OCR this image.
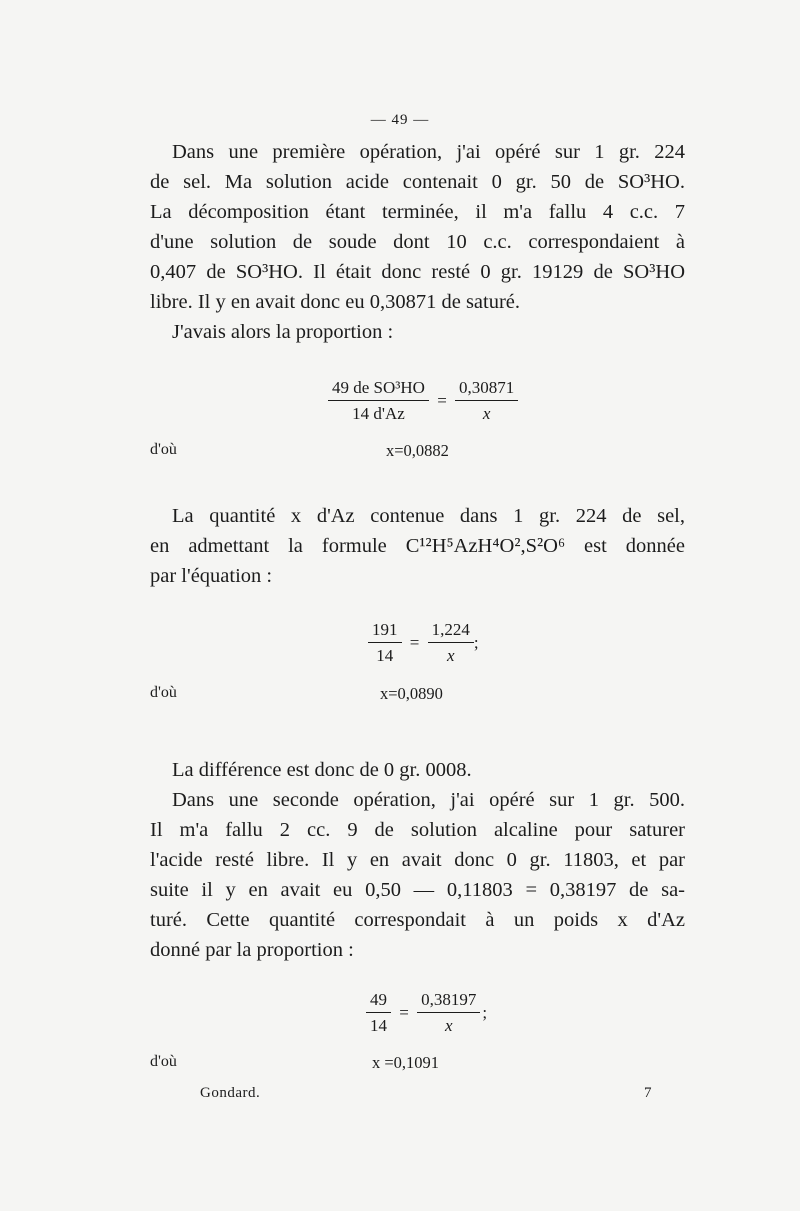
— 49 —
Dans une première opération, j'ai opéré sur 1 gr. 224
de sel. Ma solution acide contenait 0 gr. 50 de SO³HO.
La décomposition étant terminée, il m'a fallu 4 c.c. 7
d'une solution de soude dont 10 c.c. correspondaient à
0,407 de SO³HO. Il était donc resté 0 gr. 19129 de SO³HO
libre. Il y en avait donc eu 0,30871 de saturé.
J'avais alors la proportion :
$\frac{\text{49 de SO³HO}}{14 d'Az} = \frac{0,30871}{x}$
d'où	x=0,0882
La quantité x d'Az contenue dans 1 gr. 224 de sel,
en admettant la formule C¹²H⁵AzH⁴O²,S²O⁶ est donnée
par l'équation :
$\frac{191}{14} = \frac{1,224}{x}$ ;
d'où	x=0,0890
La différence est donc de 0 gr. 0008.
Dans une seconde opération, j'ai opéré sur 1 gr. 500.
Il m'a fallu 2 cc. 9 de solution alcaline pour saturer
l'acide resté libre. Il y en avait donc 0 gr. 11803, et par
suite il y en avait eu 0,50 — 0,11803 = 0,38197 de sa-
turé. Cette quantité correspondait à un poids x d'Az
donné par la proportion :
$\frac{49}{14} = \frac{0,38197}{x}$ ;
d'où	x =0,1091
Gondard.	7
